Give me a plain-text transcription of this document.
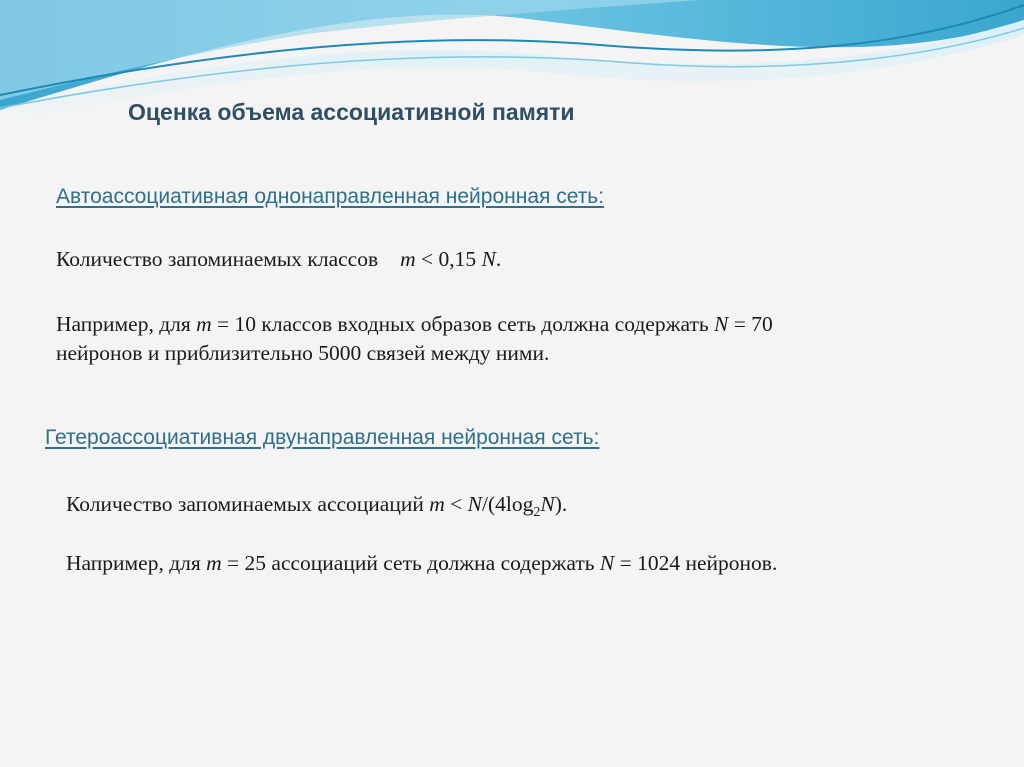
Оценка объема ассоциативной памяти
Автоассоциативная однонаправленная нейронная сеть:
Количество запоминаемых классов m < 0,15 N.
Например, для m = 10 классов входных образов сеть должна содержать N = 70
нейронов и приблизительно 5000 связей между ними.
Гетероассоциативная двунаправленная нейронная сеть:
Количество запоминаемых ассоциаций $m < N/(4\log_2N)$.
Например, для m = 25 ассоциаций сеть должна содержать N = 1024 нейронов.
